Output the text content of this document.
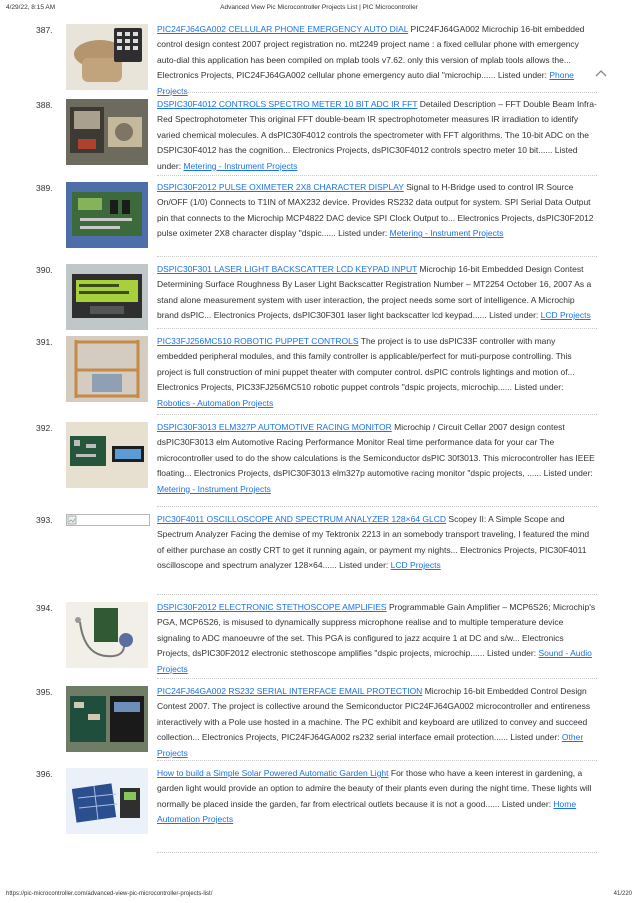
4/29/22, 8:15 AM	Advanced View Pic Microcontroller Projects List | PIC Microcontroller
387.	PIC24FJ64GA002 CELLULAR PHONE EMERGENCY AUTO DIAL PIC24FJ64GA002 Microchip 16-bit embedded control design contest 2007 project registration no. mt2249 project name : a fixed cellular phone with emergency auto-dial this application has been compiled on mplab tools v7.62. only this version of mplab tools allows the... Electronics Projects, PIC24FJ64GA002 cellular phone emergency auto dial "microchip...... Listed under: Phone Projects
388.	DSPIC30F4012 CONTROLS SPECTRO METER 10 BIT ADC IR FFT Detailed Description – FFT Double Beam Infra-Red Spectrophotometer This original FFT double-beam IR spectrophotometer measures IR irradiation to identify varied chemical molecules. A dsPIC30F4012 controls the spectrometer with FFT algorithms. The 10-bit ADC on the DSPIC30F4012 has the cognition... Electronics Projects, dsPIC30F4012 controls spectro meter 10 bit...... Listed under: Metering - Instrument Projects
389.	DSPIC30F2012 PULSE OXIMETER 2X8 CHARACTER DISPLAY Signal to H-Bridge used to control IR Source On/OFF (1/0) Connects to T1IN of MAX232 device. Provides RS232 data output for system. SPI Serial Data Output pin that connects to the Microchip MCP4822 DAC device SPI Clock Output to... Electronics Projects, dsPIC30F2012 pulse oximeter 2X8 character display "dspic...... Listed under: Metering - Instrument Projects
390.	DSPIC30F301 LASER LIGHT BACKSCATTER LCD KEYPAD INPUT Microchip 16-bit Embedded Design Contest Determining Surface Roughness By Laser Light Backscatter Registration Number – MT2254 October 16, 2007 As a stand alone measurement system with user interaction, the project needs some sort of intelligence. A Microchip brand dsPIC... Electronics Projects, dsPIC30F301 laser light backscatter lcd keypad...... Listed under: LCD Projects
391.	PIC33FJ256MC510 ROBOTIC PUPPET CONTROLS The project is to use dsPIC33F controller with many embedded peripheral modules, and this family controller is applicable/perfect for muti-purpose controlling. This project is full construction of mini puppet theater with computer control. dsPIC controls lightings and motion of... Electronics Projects, PIC33FJ256MC510 robotic puppet controls "dspic projects, microchip...... Listed under: Robotics - Automation Projects
392.	DSPIC30F3013 ELM327P AUTOMOTIVE RACING MONITOR Microchip / Circuit Cellar 2007 design contest dsPIC30F3013 elm Automotive Racing Performance Monitor Real time performance data for your car The microcontroller used to do the show calculations is the Semiconductor dsPIC 30f3013. This microcontroller has IEEE floating... Electronics Projects, dsPIC30F3013 elm327p automotive racing monitor "dspic projects, ...... Listed under: Metering - Instrument Projects
393.	PIC30F4011 OSCILLOSCOPE AND SPECTRUM ANALYZER 128×64 GLCD Scopey II: A Simple Scope and Spectrum Analyzer Facing the demise of my Tektronix 2213 in an somebody transport traveling, I featured the mind of either purchase an costly CRT to get it running again, or payment my nights... Electronics Projects, PIC30F4011 oscilloscope and spectrum analyzer 128×64...... Listed under: LCD Projects
394.	DSPIC30F2012 ELECTRONIC STETHOSCOPE AMPLIFIES Programmable Gain Amplifier – MCP6S26; Microchip's PGA, MCP6S26, is misused to dynamically suppress microphone realise and to multiple temperature device signaling to ADC manoeuvre of the set. This PGA is configured to jazz acquire 1 at DC and s/w... Electronics Projects, dsPIC30F2012 electronic stethoscope amplifies "dspic projects, microchip...... Listed under: Sound - Audio Projects
395.	PIC24FJ64GA002 RS232 SERIAL INTERFACE EMAIL PROTECTION Microchip 16-bit Embedded Control Design Contest 2007. The project is collective around the Semiconductor PIC24FJ64GA002 microcontroller and entireness interactively with a Pole use hosted in a machine. The PC exhibit and keyboard are utilized to convey and succeed collection... Electronics Projects, PIC24FJ64GA002 rs232 serial interface email protection...... Listed under: Other Projects
396.	How to build a Simple Solar Powered Automatic Garden Light For those who have a keen interest in gardening, a garden light would provide an option to admire the beauty of their plants even during the night time. These lights will normally be placed inside the garden, far from electrical outlets because it is not a good...... Listed under: Home Automation Projects
https://pic-microcontroller.com/advanced-view-pic-microcontroller-projects-list/	41/220
